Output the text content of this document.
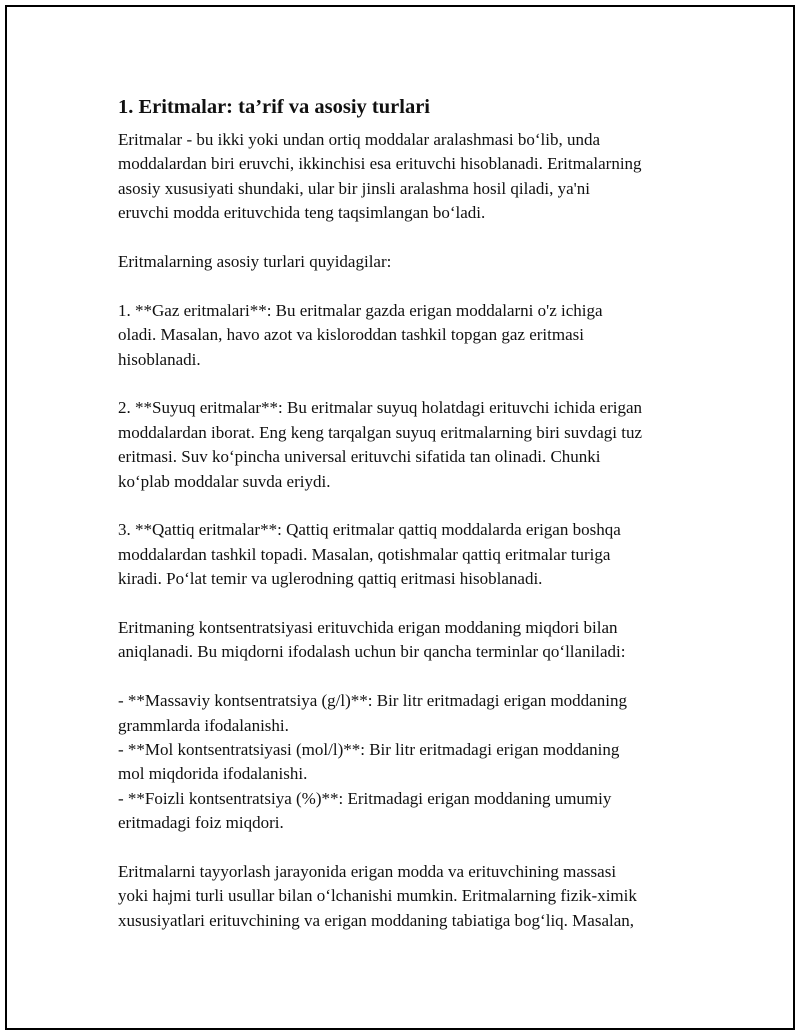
1. Eritmalar: ta’rif va asosiy turlari
Eritmalar - bu ikki yoki undan ortiq moddalar aralashmasi bo‘lib, unda
moddalardan biri eruvchi, ikkinchisi esa erituvchi hisoblanadi. Eritmalarning
asosiy xususiyati shundaki, ular bir jinsli aralashma hosil qiladi, ya'ni
eruvchi modda erituvchida teng taqsimlangan bo‘ladi.
Eritmalarning asosiy turlari quyidagilar:
1. **Gaz eritmalari**: Bu eritmalar gazda erigan moddalarni o'z ichiga
oladi. Masalan, havo azot va kisloroddan tashkil topgan gaz eritmasi
hisoblanadi.
2. **Suyuq eritmalar**: Bu eritmalar suyuq holatdagi erituvchi ichida erigan
moddalardan iborat. Eng keng tarqalgan suyuq eritmalarning biri suvdagi tuz
eritmasi. Suv ko‘pincha universal erituvchi sifatida tan olinadi. Chunki
ko‘plab moddalar suvda eriydi.
3. **Qattiq eritmalar**: Qattiq eritmalar qattiq moddalarda erigan boshqa
moddalardan tashkil topadi. Masalan, qotishmalar qattiq eritmalar turiga
kiradi. Po‘lat temir va uglerodning qattiq eritmasi hisoblanadi.
Eritmaning kontsentratsiyasi erituvchida erigan moddaning miqdori bilan
aniqlanadi. Bu miqdorni ifodalash uchun bir qancha terminlar qo‘llaniladi:
- **Massaviy kontsentratsiya (g/l)**: Bir litr eritmadagi erigan moddaning
grammlarda ifodalanishi.
- **Mol kontsentratsiyasi (mol/l)**: Bir litr eritmadagi erigan moddaning
mol miqdorida ifodalanishi.
- **Foizli kontsentratsiya (%)**: Eritmadagi erigan moddaning umumiy
eritmadagi foiz miqdori.
Eritmalarni tayyorlash jarayonida erigan modda va erituvchining massasi
yoki hajmi turli usullar bilan o‘lchanishi mumkin. Eritmalarning fizik-ximik
xususiyatlari erituvchining va erigan moddaning tabiatiga bog‘liq. Masalan,
